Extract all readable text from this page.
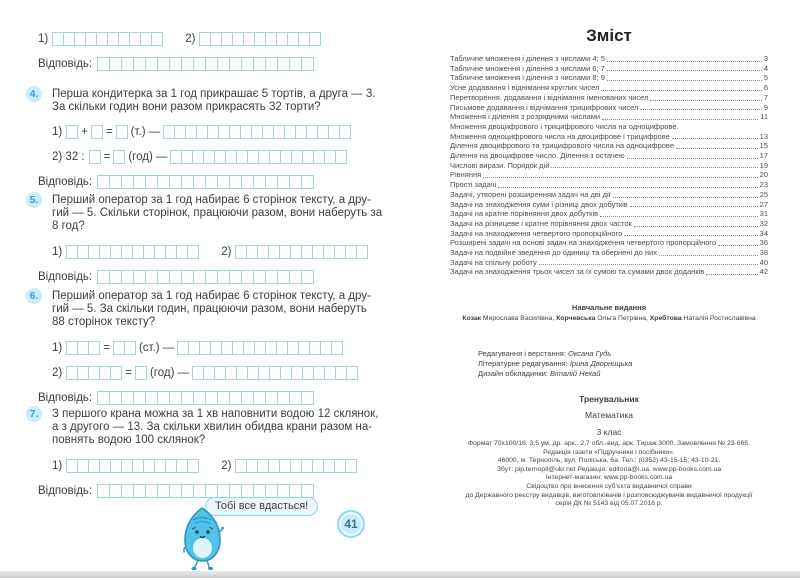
1)	2)
Відповідь:
4.	Перша кондитерка за 1 год прикрашає 5 тортів, а друга — 3.
За скільки годин вони разом прикрасять 32 торти?
1) + = (т.) —
2) 32 : = (год) —
Відповідь:
5.	Перший оператор за 1 год набирає 6 сторінок тексту, а дру-
гий — 5. Скільки сторінок, працюючи разом, вони наберуть за
8 год?
1)	2)
Відповідь:
6.	Перший оператор за 1 год набирає 6 сторінок тексту, а дру-
гий — 5. За скільки годин, працюючи разом, вони наберуть
88 сторінок тексту?
1)	=	(ст.) —
2)	= (год) —
Відповідь:
7.	З першого крана можна за 1 хв наповнити водою 12 склянок,
а з другого — 13. За скільки хвилин обидва крани разом на-
повнять водою 100 склянок?
1)	2)
Відповідь:
Тобі все вдасться!
41
Зміст
Табличне множення і ділення з числами 4; 5	3
Табличне множення і ділення з числами 6; 7	4
Табличне множення і ділення з числами 8; 9	5
Усне додавання і віднімання круглих чисел	6
Перетворення, додавання і віднімання іменованих чисел	7
Письмове додавання і віднімання трицифрових чисел	9
Множення і ділення з розрядними числами	11
Множення двоцифрового і трицифрового числа на одноцифрове.
Множення одноцифрового числа на двоцифрове і трицифрове	13
Ділення двоцифрового та трицифрового числа на одноцифрове	15
Ділення на двоцифрове число. Ділення з остачею	17
Числові вирази. Порядок дій	19
Рівняння	20
Прості задачі	23
Задачі, утворені розширенням задач на дві дії	25
Задачі на знаходження суми і різниці двох добутків	27
Задачі на кратне порівняння двох добутків	31
Задачі на різницеве і кратне порівняння двох часток	32
Задачі на знаходження четвертого пропорційного	34
Розширені задачі на основі задач на знаходження четвертого пропорційного	36
Задачі на подвійне зведення до одиниці та обернені до них	38
Задачі на спільну роботу	40
Задачі на знаходження трьох чисел за їх сумою та сумами двох доданків	42
Навчальне видання
Козак Мирослава Василівна, Корчевська Ольга Петрівна, Хребтова Наталія Ростиславівна
Редагування і верстання: Оксана Гудь
Літературне редагування: Ірина Дворницька
Дизайн обкладинки: Віталій Нехай
Тренувальник
Математика
3 клас
Формат 70х100/16. 3,5 ум. др. арк., 2,7 обл.-вид. арк. Тираж 3000. Замовлення № 23-665.
Редакція газети «Підручники і посібники».
46000, м. Тернопіль, вул. Поліська, 6а. Тел.: (0352) 43-15-15; 43-10-21.
Збут: pip.ternopil@ukr.net Редакція: editoria@i.ua. www.pp-books.com.ua
Інтернет-магазин: www.pp-books.com.ua
Свідоцтво про внесення суб’єкта видавничої справи
до Державного реєстру видавців, виготовлювачів і розповсюджувачів видавничої продукції
серія ДК № 5143 від 05.07.2016 р.
